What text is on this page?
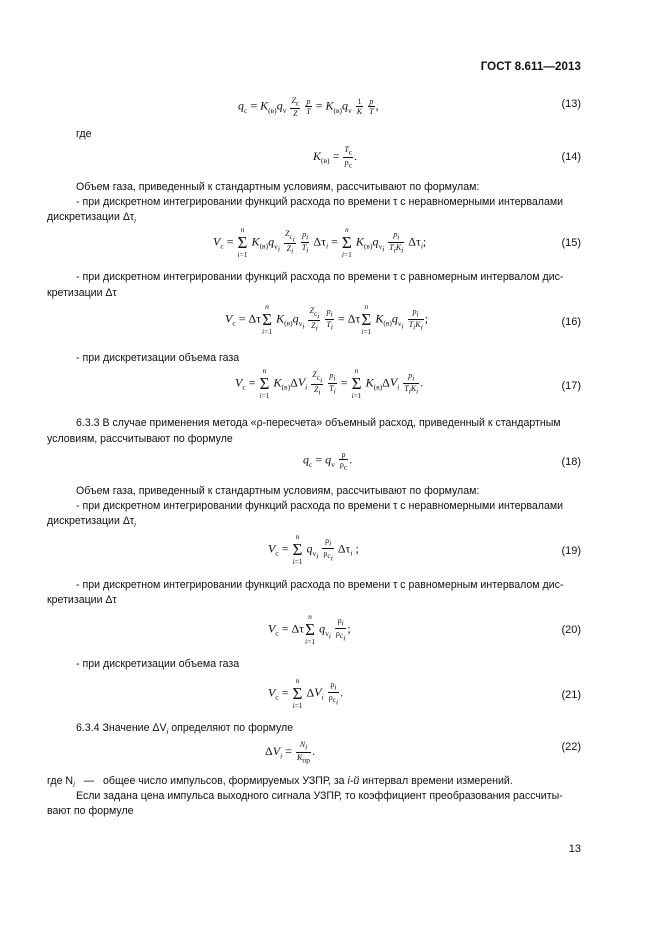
ГОСТ 8.611—2013
$q_c = K_{(в)}q_v \frac{Z_c}{Z}$
$\frac{p}{T} = K_{(в)}q_v \frac{1}{K}$
$\frac{p}{T}$ ,	(13)
где
$K_{(в)} = \frac{T_c}{p_c}$ .	(14)
Объем газа, приведенный к стандартным условиям, рассчитывают по формулам:
- при дискретном интегрировании функций расхода по времени τ с неравномерными интервалами
дискретизации $\Delta\tau_i$
$V_c = n$
Σ
i=1 $K_{(в)}q_{v_i}$
$Z_{c_i}$
$Z_i$
$\frac{p_i}{T_i} \Delta\tau_i = n$
Σ
i=1 $K_{(в)}q_{v_i}$
$p_i$
$T_iK_i$
$\Delta\tau_i$;	(15)
- при дискретном интегрировании функций расхода по времени τ с равномерным интервалом дис-
кретизации Δτ
$V_c = \Delta\tau n$
Σ
i=1 $K_{(в)}q_{v_i}$
$Z_{c_i}$
$Z_i$
$\frac{p_i}{T_i} = \Delta\tau n$
Σ
i=1 $K_{(в)}q_{v_i}$
$p_i$
$T_iK_i$
;	(16)
- при дискретизации объема газа
$V_c = n$
Σ
i=1 $K_{(в)}\Delta V_i$
$Z_{c_i}$
$Z_i$
$\frac{p_i}{T_i} = n$
Σ
i=1 $K_{(в)}\Delta V_i$
$p_i$
$T_iK_i$
.	(17)
6.3.3 В случае применения метода «ρ-пересчета» объемный расход, приведенный к стандартным
условиям, рассчитывают по формуле
$q_c = q_v \frac{\rho}{\rho_c}$ .	(18)
Объем газа, приведенный к стандартным условиям, рассчитывают по формулам:
- при дискретном интегрировании функций расхода по времени τ с неравномерными интервалами
дискретизации $\Delta\tau_i$
$V_c = n$
Σ
i=1 $q_{v_i}$
$\rho_i$
$\rho_{c_i}$
$\Delta\tau_i$ ;	(19)
- при дискретном интегрировании функций расхода по времени τ с равномерным интервалом дис-
кретизации Δτ
$V_c = \Delta\tau n$
Σ
i=1 $q_{v_i}$
$\rho_i$
$\rho_{c_i}$
;	(20)
- при дискретизации объема газа
$V_c = n$
Σ
i=1 $\Delta V_i$
$\rho_i$
$\rho_{c_i}$
.	(21)
6.3.4 Значение $\Delta V_i$ определяют по формуле
$\Delta V_i = N_i$
$K_{пр}$
.	(22)
где $N_i$ —   общее число импульсов, формируемых УЗПР, за i-й интервал времени измерений.
Если задана цена импульса выходного сигнала УЗПР, то коэффициент преобразования рассчиты-
вают по формуле
13
